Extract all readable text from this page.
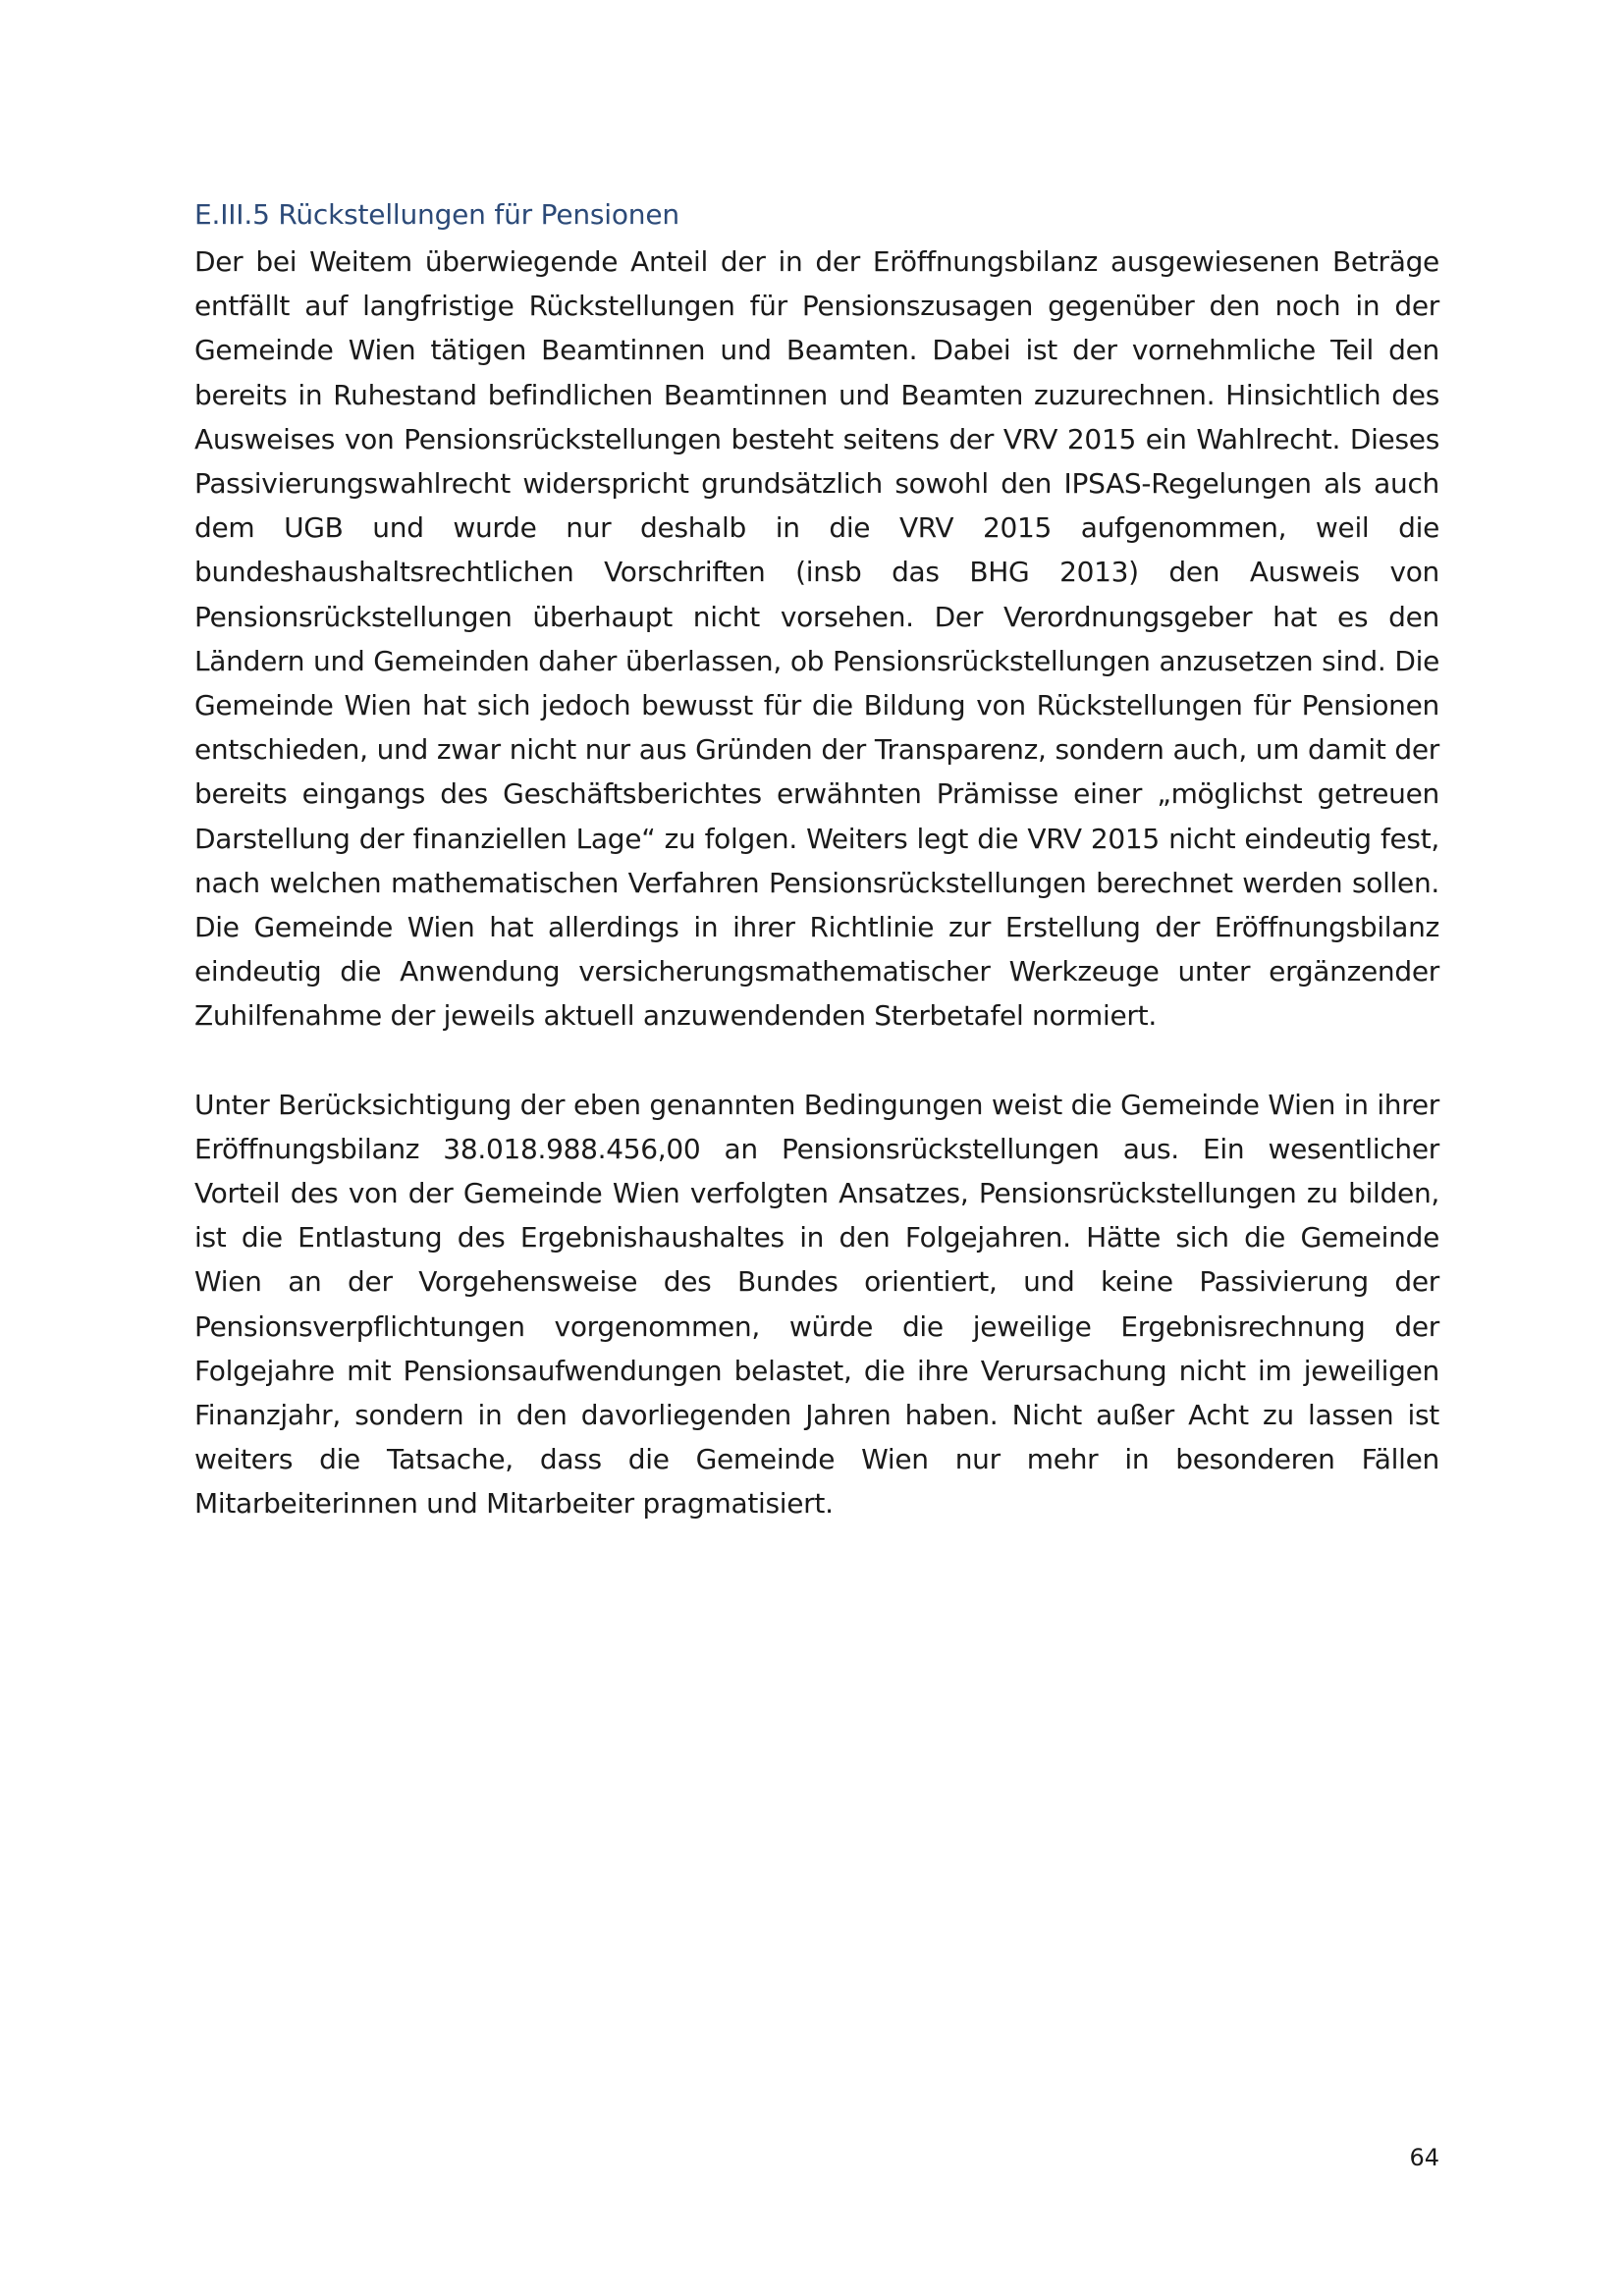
E.III.5 Rückstellungen für Pensionen

Der bei Weitem überwiegende Anteil der in der Eröffnungsbilanz ausgewiesenen Beträge entfällt auf langfristige Rückstellungen für Pensionszusagen gegenüber den noch in der Gemeinde Wien tätigen Beamtinnen und Beamten. Dabei ist der vornehmliche Teil den bereits in Ruhestand befindlichen Beamtinnen und Beamten zuzurechnen. Hinsichtlich des Ausweises von Pensionsrückstellungen besteht seitens der VRV 2015 ein Wahlrecht. Dieses Passivierungswahlrecht widerspricht grundsätzlich sowohl den IPSAS-Regelungen als auch dem UGB und wurde nur deshalb in die VRV 2015 aufgenommen, weil die bundeshaushaltsrechtlichen Vorschriften (insb das BHG 2013) den Ausweis von Pensionsrückstellungen überhaupt nicht vorsehen. Der Verordnungsgeber hat es den Ländern und Gemeinden daher überlassen, ob Pensionsrückstellungen anzusetzen sind. Die Gemeinde Wien hat sich jedoch bewusst für die Bildung von Rückstellungen für Pensionen entschieden, und zwar nicht nur aus Gründen der Transparenz, sondern auch, um damit der bereits eingangs des Geschäftsberichtes erwähnten Prämisse einer „möglichst getreuen Darstellung der finanziellen Lage“ zu folgen. Weiters legt die VRV 2015 nicht eindeutig fest, nach welchen mathematischen Verfahren Pensionsrückstellungen berechnet werden sollen. Die Gemeinde Wien hat allerdings in ihrer Richtlinie zur Erstellung der Eröffnungsbilanz eindeutig die Anwendung versicherungsmathematischer Werkzeuge unter ergänzender Zuhilfenahme der jeweils aktuell anzuwendenden Sterbetafel normiert.

Unter Berücksichtigung der eben genannten Bedingungen weist die Gemeinde Wien in ihrer Eröffnungsbilanz 38.018.988.456,00 an Pensionsrückstellungen aus. Ein wesentlicher Vorteil des von der Gemeinde Wien verfolgten Ansatzes, Pensionsrückstellungen zu bilden, ist die Entlastung des Ergebnishaushaltes in den Folgejahren. Hätte sich die Gemeinde Wien an der Vorgehensweise des Bundes orientiert, und keine Passivierung der Pensionsverpflichtungen vorgenommen, würde die jeweilige Ergebnisrechnung der Folgejahre mit Pensionsaufwendungen belastet, die ihre Verursachung nicht im jeweiligen Finanzjahr, sondern in den davorliegenden Jahren haben. Nicht außer Acht zu lassen ist weiters die Tatsache, dass die Gemeinde Wien nur mehr in besonderen Fällen Mitarbeiterinnen und Mitarbeiter pragmatisiert.

64
